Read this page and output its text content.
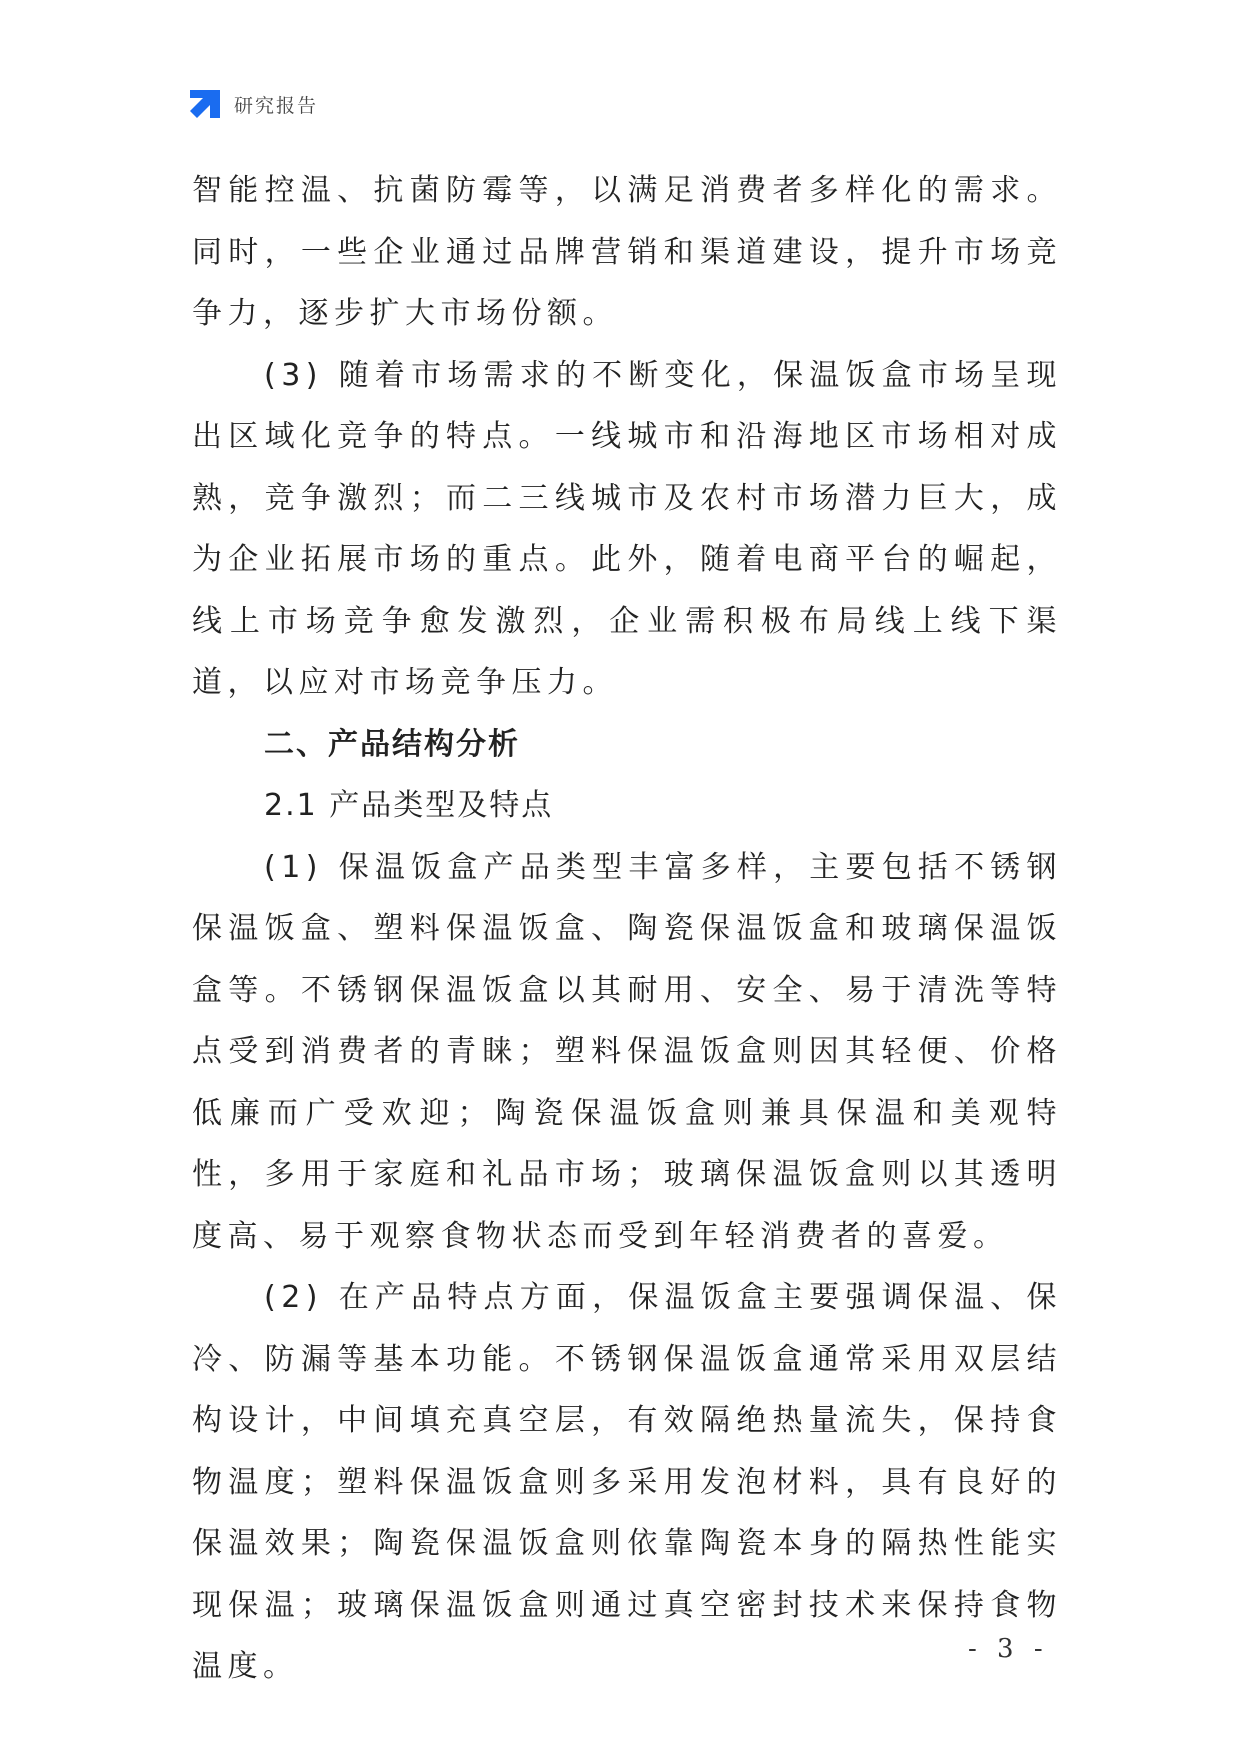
研究报告

智能控温、抗菌防霉等，以满足消费者多样化的需求。同时，一些企业通过品牌营销和渠道建设，提升市场竞争力，逐步扩大市场份额。

(3) 随着市场需求的不断变化，保温饭盒市场呈现出区域化竞争的特点。一线城市和沿海地区市场相对成熟，竞争激烈；而二三线城市及农村市场潜力巨大，成为企业拓展市场的重点。此外，随着电商平台的崛起，线上市场竞争愈发激烈，企业需积极布局线上线下渠道，以应对市场竞争压力。

二、产品结构分析

2.1 产品类型及特点

(1) 保温饭盒产品类型丰富多样，主要包括不锈钢保温饭盒、塑料保温饭盒、陶瓷保温饭盒和玻璃保温饭盒等。不锈钢保温饭盒以其耐用、安全、易于清洗等特点受到消费者的青睐；塑料保温饭盒则因其轻便、价格低廉而广受欢迎；陶瓷保温饭盒则兼具保温和美观特性，多用于家庭和礼品市场；玻璃保温饭盒则以其透明度高、易于观察食物状态而受到年轻消费者的喜爱。

(2) 在产品特点方面，保温饭盒主要强调保温、保冷、防漏等基本功能。不锈钢保温饭盒通常采用双层结构设计，中间填充真空层，有效隔绝热量流失，保持食物温度；塑料保温饭盒则多采用发泡材料，具有良好的保温效果；陶瓷保温饭盒则依靠陶瓷本身的隔热性能实现保温；玻璃保温饭盒则通过真空密封技术来保持食物温度。	- 3 -
